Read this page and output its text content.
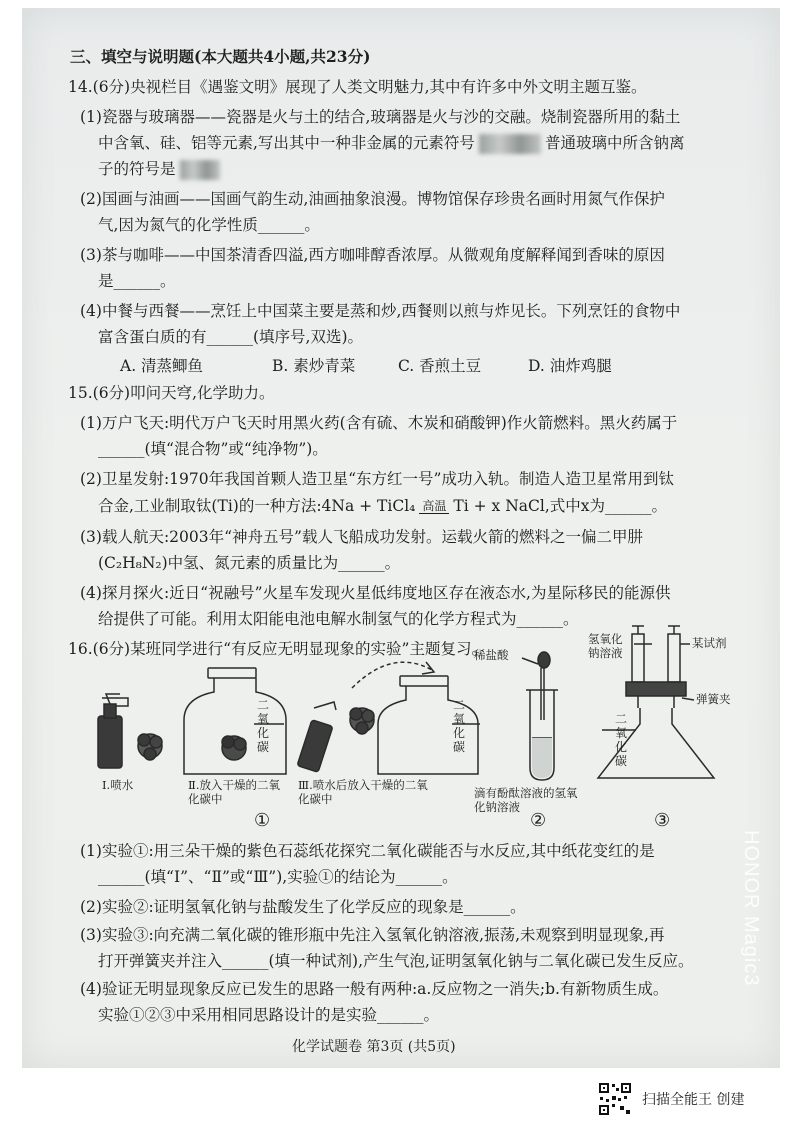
三、填空与说明题(本大题共4小题,共23分)
14.(6分)央视栏目《遇鉴文明》展现了人类文明魅力,其中有许多中外文明主题互鉴。
(1)瓷器与玻璃器——瓷器是火与土的结合,玻璃器是火与沙的交融。烧制瓷器所用的黏土
中含氧、硅、铝等元素,写出其中一种非金属的元素符号	普通玻璃中所含钠离
子的符号是
(2)国画与油画——国画气韵生动,油画抽象浪漫。博物馆保存珍贵名画时用氮气作保护
气,因为氮气的化学性质______。
(3)茶与咖啡——中国茶清香四溢,西方咖啡醇香浓厚。从微观角度解释闻到香味的原因
是______。
(4)中餐与西餐——烹饪上中国菜主要是蒸和炒,西餐则以煎与炸见长。下列烹饪的食物中
富含蛋白质的有______(填序号,双选)。
A. 清蒸鲫鱼	B. 素炒青菜	C. 香煎土豆	D. 油炸鸡腿
15.(6分)叩问天穹,化学助力。
(1)万户飞天:明代万户飞天时用黑火药(含有硫、木炭和硝酸钾)作火箭燃料。黑火药属于
______(填“混合物”或“纯净物”)。
(2)卫星发射:1970年我国首颗人造卫星“东方红一号”成功入轨。制造人造卫星常用到钛
合金,工业制取钛(Ti)的一种方法:4Na + TiCl₄ 高温 Ti + x NaCl,式中x为______。
(3)载人航天:2003年“神舟五号”载人飞船成功发射。运载火箭的燃料之一偏二甲肼
(C₂H₈N₂)中氢、氮元素的质量比为______。
(4)探月探火:近日“祝融号”火星车发现火星低纬度地区存在液态水,为星际移民的能源供
给提供了可能。利用太阳能电池电解水制氢气的化学方程式为______。
16.(6分)某班同学进行“有反应无明显现象的实验”主题复习。
二氧化碳
二氧化碳
二氧化碳
Ⅰ.喷水	Ⅱ.放入干燥的二氧化碳中
Ⅲ.喷水后放入干燥的二氧化碳中
稀盐酸
滴有酚酞溶液的氢氧化钠溶液
氢氧化钠溶液
某试剂
弹簧夹
①	②	③
(1)实验①:用三朵干燥的紫色石蕊纸花探究二氧化碳能否与水反应,其中纸花变红的是
______(填“Ⅰ”、“Ⅱ”或“Ⅲ”),实验①的结论为______。
(2)实验②:证明氢氧化钠与盐酸发生了化学反应的现象是______。
(3)实验③:向充满二氧化碳的锥形瓶中先注入氢氧化钠溶液,振荡,未观察到明显现象,再
打开弹簧夹并注入______(填一种试剂),产生气泡,证明氢氧化钠与二氧化碳已发生反应。
(4)验证无明显现象反应已发生的思路一般有两种:a.反应物之一消失;b.有新物质生成。
实验①②③中采用相同思路设计的是实验______。
化学试题卷 第3页 (共5页)
HONOR Magic3
扫描全能王 创建
